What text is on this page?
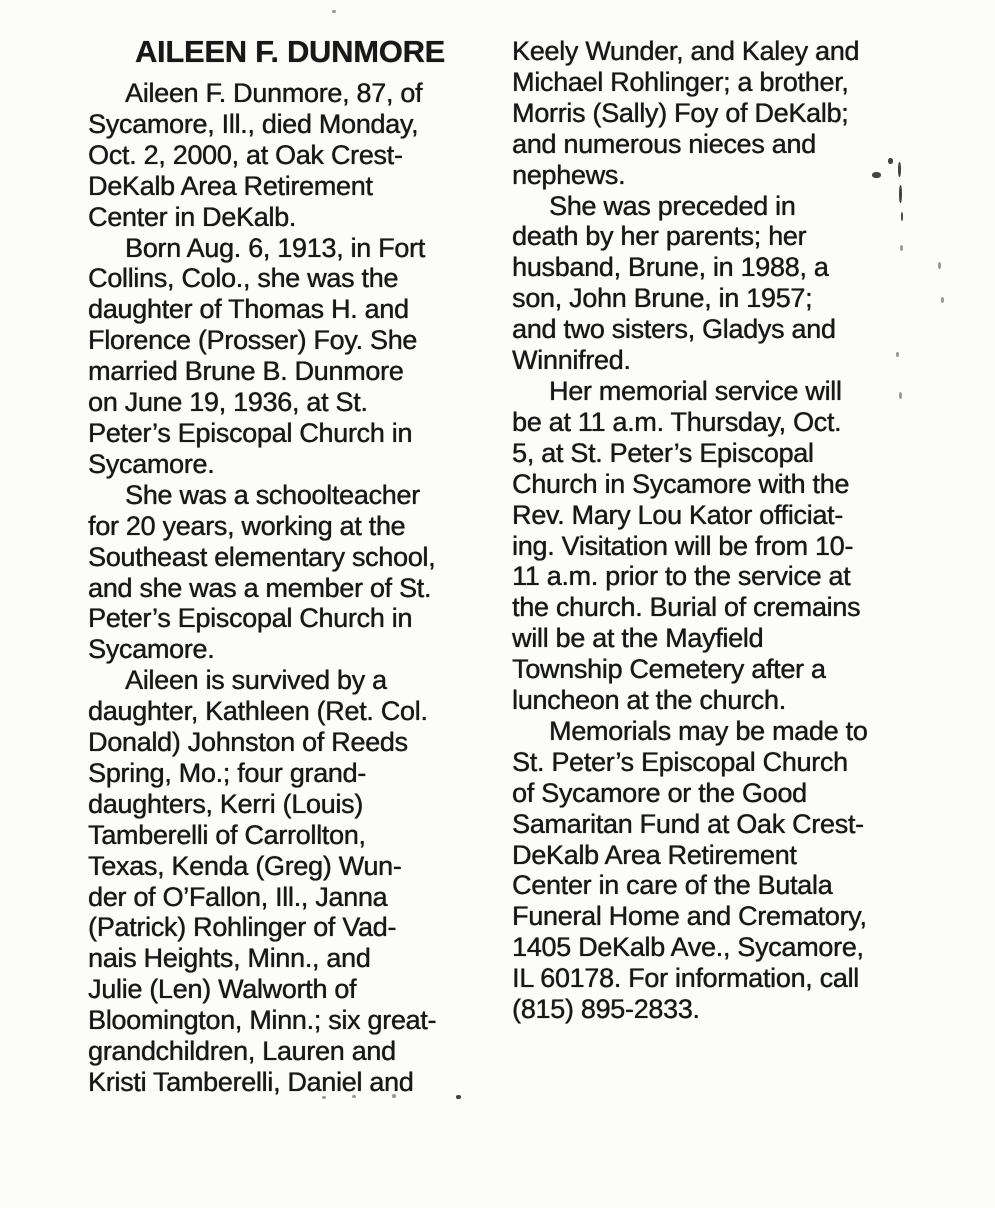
AILEEN F. DUNMORE
Aileen F. Dunmore, 87, of
Sycamore, Ill., died Monday,
Oct. 2, 2000, at Oak Crest-
DeKalb Area Retirement
Center in DeKalb.
Born Aug. 6, 1913, in Fort
Collins, Colo., she was the
daughter of Thomas H. and
Florence (Prosser) Foy. She
married Brune B. Dunmore
on June 19, 1936, at St.
Peter’s Episcopal Church in
Sycamore.
She was a schoolteacher
for 20 years, working at the
Southeast elementary school,
and she was a member of St.
Peter’s Episcopal Church in
Sycamore.
Aileen is survived by a
daughter, Kathleen (Ret. Col.
Donald) Johnston of Reeds
Spring, Mo.; four grand-
daughters, Kerri (Louis)
Tamberelli of Carrollton,
Texas, Kenda (Greg) Wun-
der of O’Fallon, Ill., Janna
(Patrick) Rohlinger of Vad-
nais Heights, Minn., and
Julie (Len) Walworth of
Bloomington, Minn.; six great-
grandchildren, Lauren and
Kristi Tamberelli, Daniel and
Keely Wunder, and Kaley and
Michael Rohlinger; a brother,
Morris (Sally) Foy of DeKalb;
and numerous nieces and
nephews.
She was preceded in
death by her parents; her
husband, Brune, in 1988, a
son, John Brune, in 1957;
and two sisters, Gladys and
Winnifred.
Her memorial service will
be at 11 a.m. Thursday, Oct.
5, at St. Peter’s Episcopal
Church in Sycamore with the
Rev. Mary Lou Kator officiat-
ing. Visitation will be from 10-
11 a.m. prior to the service at
the church. Burial of cremains
will be at the Mayfield
Township Cemetery after a
luncheon at the church.
Memorials may be made to
St. Peter’s Episcopal Church
of Sycamore or the Good
Samaritan Fund at Oak Crest-
DeKalb Area Retirement
Center in care of the Butala
Funeral Home and Crematory,
1405 DeKalb Ave., Sycamore,
IL 60178. For information, call
(815) 895-2833.
